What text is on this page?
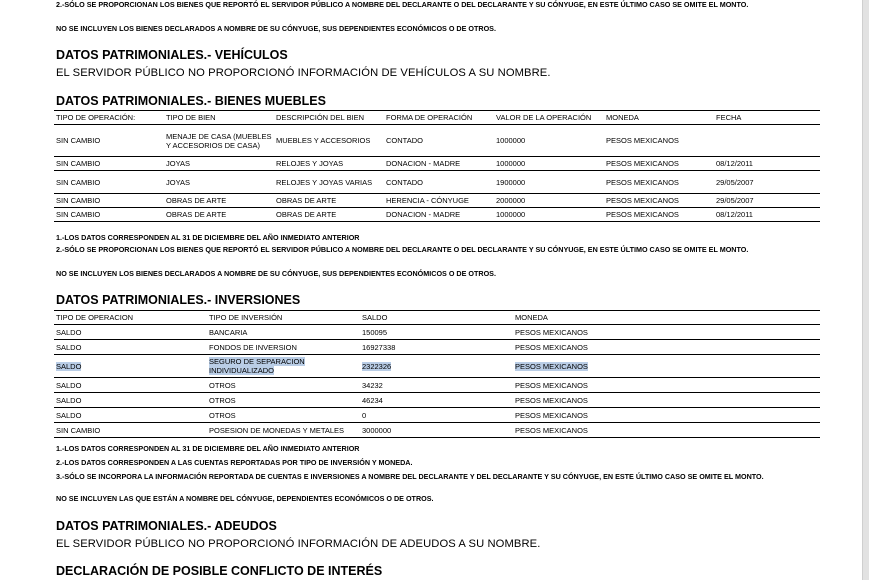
2.-SÓLO SE PROPORCIONAN LOS BIENES QUE REPORTÓ EL SERVIDOR PÚBLICO A NOMBRE DEL DECLARANTE O DEL DECLARANTE Y SU CÓNYUGE, EN ESTE ÚLTIMO CASO SE OMITE EL MONTO.
NO SE INCLUYEN LOS BIENES DECLARADOS A NOMBRE DE SU CÓNYUGE, SUS DEPENDIENTES ECONÓMICOS O DE OTROS.
DATOS PATRIMONIALES.- VEHÍCULOS
EL SERVIDOR PÚBLICO NO PROPORCIONÓ INFORMACIÓN DE VEHÍCULOS A SU NOMBRE.
DATOS PATRIMONIALES.- BIENES MUEBLES
TIPO DE OPERACIÓN:	TIPO DE BIEN	DESCRIPCIÓN DEL BIEN	FORMA DE OPERACIÓN	VALOR DE LA OPERACIÓN	MONEDA	FECHA
SIN CAMBIO	MENAJE DE CASA (MUEBLES Y ACCESORIOS DE CASA)	MUEBLES Y ACCESORIOS	CONTADO	1000000	PESOS MEXICANOS	
SIN CAMBIO	JOYAS	RELOJES Y JOYAS	DONACION - MADRE	1000000	PESOS MEXICANOS	08/12/2011
SIN CAMBIO	JOYAS	RELOJES Y JOYAS VARIAS	CONTADO	1900000	PESOS MEXICANOS	29/05/2007
SIN CAMBIO	OBRAS DE ARTE	OBRAS DE ARTE	HERENCIA - CÓNYUGE	2000000	PESOS MEXICANOS	29/05/2007
SIN CAMBIO	OBRAS DE ARTE	OBRAS DE ARTE	DONACION - MADRE	1000000	PESOS MEXICANOS	08/12/2011
1.-LOS DATOS CORRESPONDEN AL 31 DE DICIEMBRE DEL AÑO INMEDIATO ANTERIOR
2.-SÓLO SE PROPORCIONAN LOS BIENES QUE REPORTÓ EL SERVIDOR PÚBLICO A NOMBRE DEL DECLARANTE O DEL DECLARANTE Y SU CÓNYUGE, EN ESTE ÚLTIMO CASO SE OMITE EL MONTO.
NO SE INCLUYEN LOS BIENES DECLARADOS A NOMBRE DE SU CÓNYUGE, SUS DEPENDIENTES ECONÓMICOS O DE OTROS.
DATOS PATRIMONIALES.- INVERSIONES
TIPO DE OPERACION	TIPO DE INVERSIÓN	SALDO	MONEDA
SALDO	BANCARIA	150095	PESOS MEXICANOS
SALDO	FONDOS DE INVERSION	16927338	PESOS MEXICANOS
SALDO	SEGURO DE SEPARACION INDIVIDUALIZADO	2322326	PESOS MEXICANOS
SALDO	OTROS	34232	PESOS MEXICANOS
SALDO	OTROS	46234	PESOS MEXICANOS
SALDO	OTROS	0	PESOS MEXICANOS
SIN CAMBIO	POSESION DE MONEDAS Y METALES	3000000	PESOS MEXICANOS
1.-LOS DATOS CORRESPONDEN AL 31 DE DICIEMBRE DEL AÑO INMEDIATO ANTERIOR
2.-LOS DATOS CORRESPONDEN A LAS CUENTAS REPORTADAS POR TIPO DE INVERSIÓN Y MONEDA.
3.-SÓLO SE INCORPORA LA INFORMACIÓN REPORTADA DE CUENTAS E INVERSIONES A NOMBRE DEL DECLARANTE Y DEL DECLARANTE Y SU CÓNYUGE, EN ESTE ÚLTIMO CASO SE OMITE EL MONTO.
NO SE INCLUYEN LAS QUE ESTÁN A NOMBRE DEL CÓNYUGE, DEPENDIENTES ECONÓMICOS O DE OTROS.
DATOS PATRIMONIALES.- ADEUDOS
EL SERVIDOR PÚBLICO NO PROPORCIONÓ INFORMACIÓN DE ADEUDOS A SU NOMBRE.
DECLARACIÓN DE POSIBLE CONFLICTO DE INTERÉS
